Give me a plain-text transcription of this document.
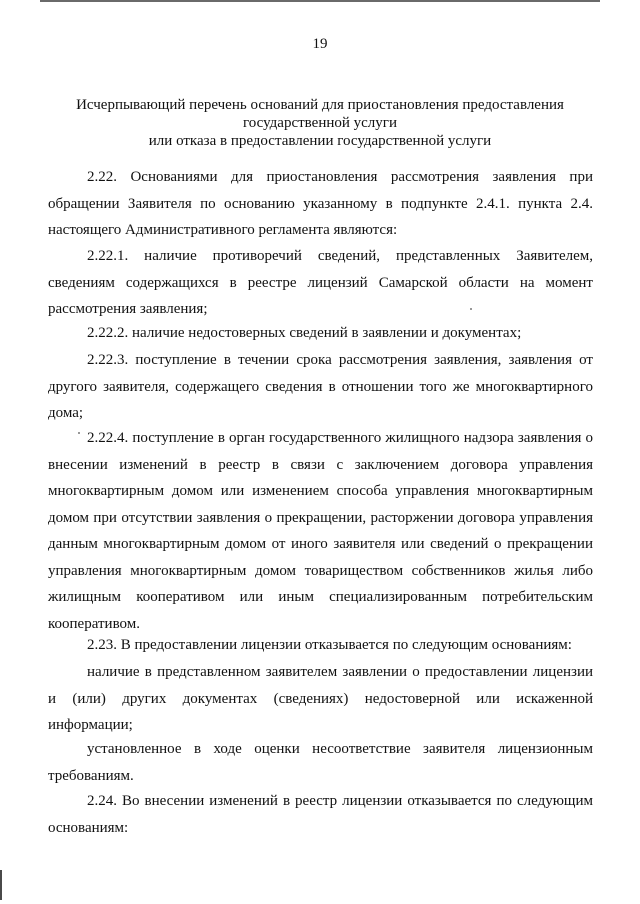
19
Исчерпывающий перечень оснований для приостановления предоставления
государственной услуги
или отказа в предоставлении государственной услуги
2.22. Основаниями для приостановления рассмотрения заявления при обращении Заявителя по основанию указанному в подпункте 2.4.1. пункта 2.4. настоящего Административного регламента являются:
2.22.1. наличие противоречий сведений, представленных Заявителем, сведениям содержащихся в реестре лицензий Самарской области на момент рассмотрения заявления;
2.22.2. наличие недостоверных сведений в заявлении и документах;
2.22.3. поступление в течении срока рассмотрения заявления, заявления от другого заявителя, содержащего сведения в отношении того же многоквартирного дома;
2.22.4. поступление в орган государственного жилищного надзора заявления о внесении изменений в реестр в связи с заключением договора управления многоквартирным домом или изменением способа управления многоквартирным домом при отсутствии заявления о прекращении, расторжении договора управления данным многоквартирным домом от иного заявителя или сведений о прекращении управления многоквартирным домом товариществом собственников жилья либо жилищным кооперативом или иным специализированным потребительским кооперативом.
2.23. В предоставлении лицензии отказывается по следующим основаниям:
наличие в представленном заявителем заявлении о предоставлении лицензии и (или) других документах (сведениях) недостоверной или искаженной информации;
установленное в ходе оценки несоответствие заявителя лицензионным требованиям.
2.24. Во внесении изменений в реестр лицензии отказывается по следующим основаниям:
